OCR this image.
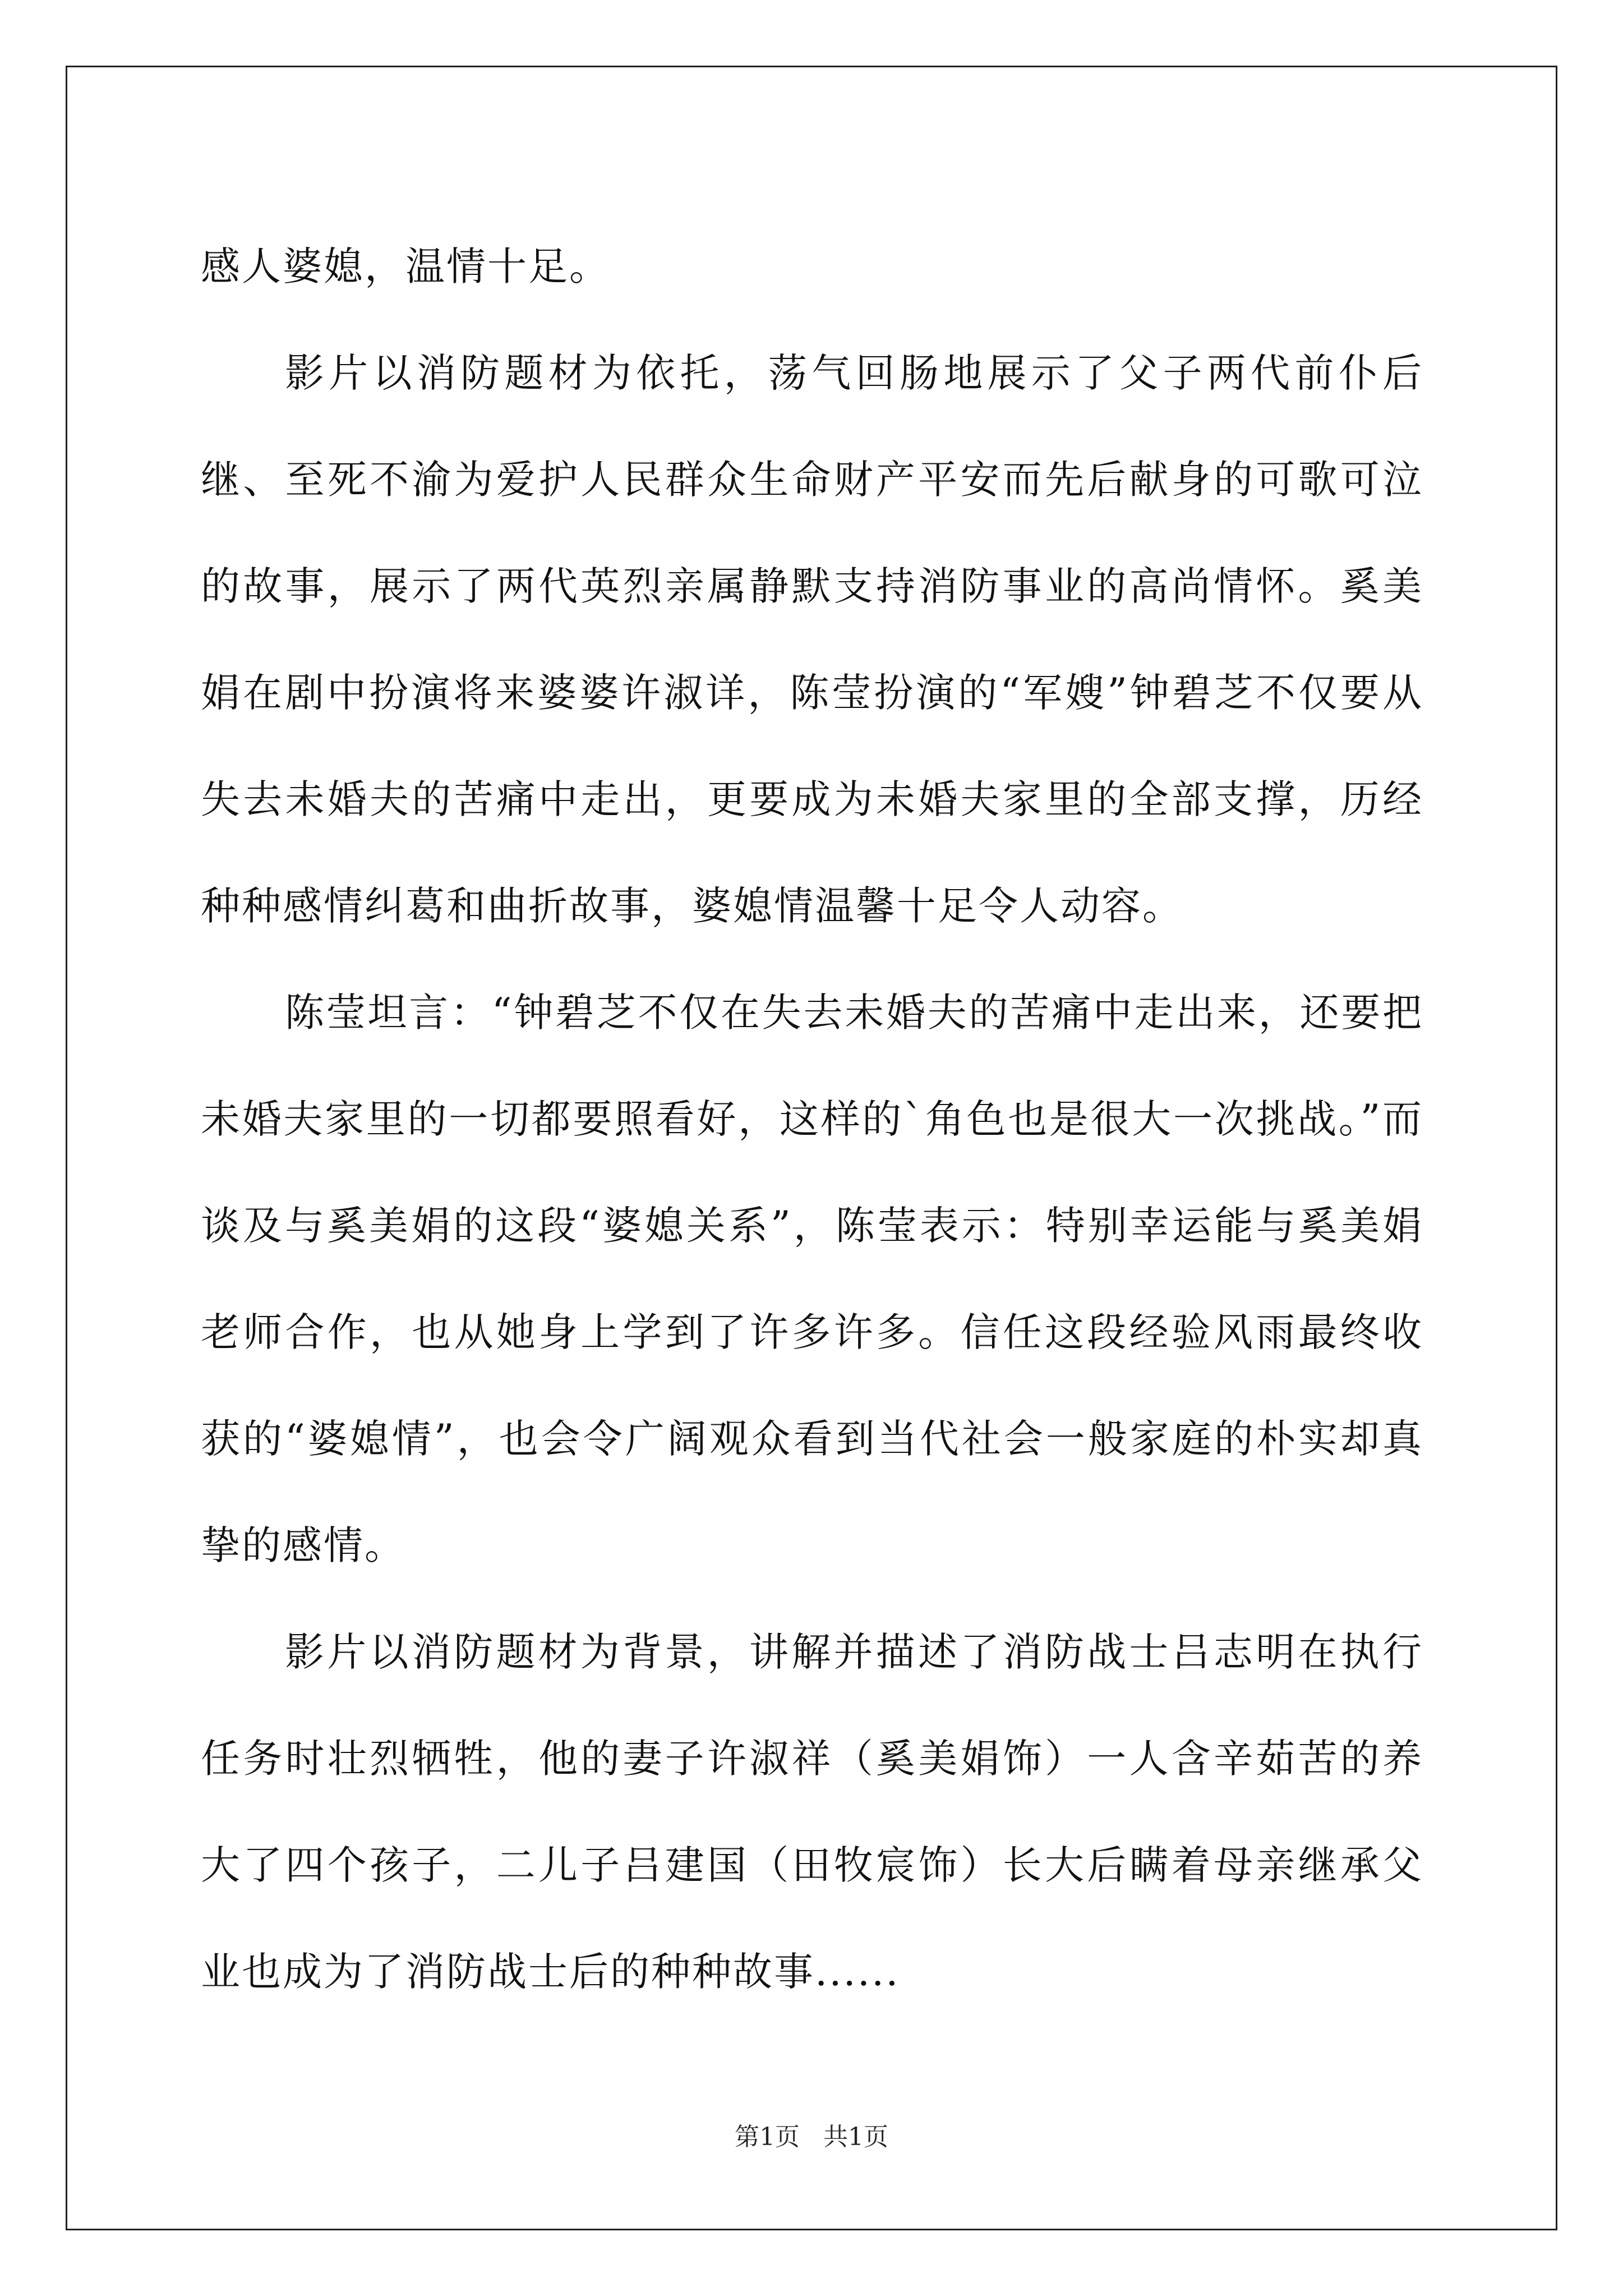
感人婆媳，温情十足。

影片以消防题材为依托，荡气回肠地展示了父子两代前仆后继、至死不渝为爱护人民群众生命财产平安而先后献身的可歌可泣的故事，展示了两代英烈亲属静默支持消防事业的高尚情怀。奚美娟在剧中扮演将来婆婆许淑详，陈莹扮演的“军嫂”钟碧芝不仅要从失去未婚夫的苦痛中走出，更要成为未婚夫家里的全部支撑，历经种种感情纠葛和曲折故事，婆媳情温馨十足令人动容。

陈莹坦言：“钟碧芝不仅在失去未婚夫的苦痛中走出来，还要把未婚夫家里的一切都要照看好，这样的`角色也是很大一次挑战。”而谈及与奚美娟的这段“婆媳关系”，陈莹表示：特别幸运能与奚美娟老师合作，也从她身上学到了许多许多。信任这段经验风雨最终收获的“婆媳情”，也会令广阔观众看到当代社会一般家庭的朴实却真挚的感情。

影片以消防题材为背景，讲解并描述了消防战士吕志明在执行任务时壮烈牺牲，他的妻子许淑祥（奚美娟饰）一人含辛茹苦的养大了四个孩子，二儿子吕建国（田牧宸饰）长大后瞒着母亲继承父业也成为了消防战士后的种种故事......

第1页   共1页
